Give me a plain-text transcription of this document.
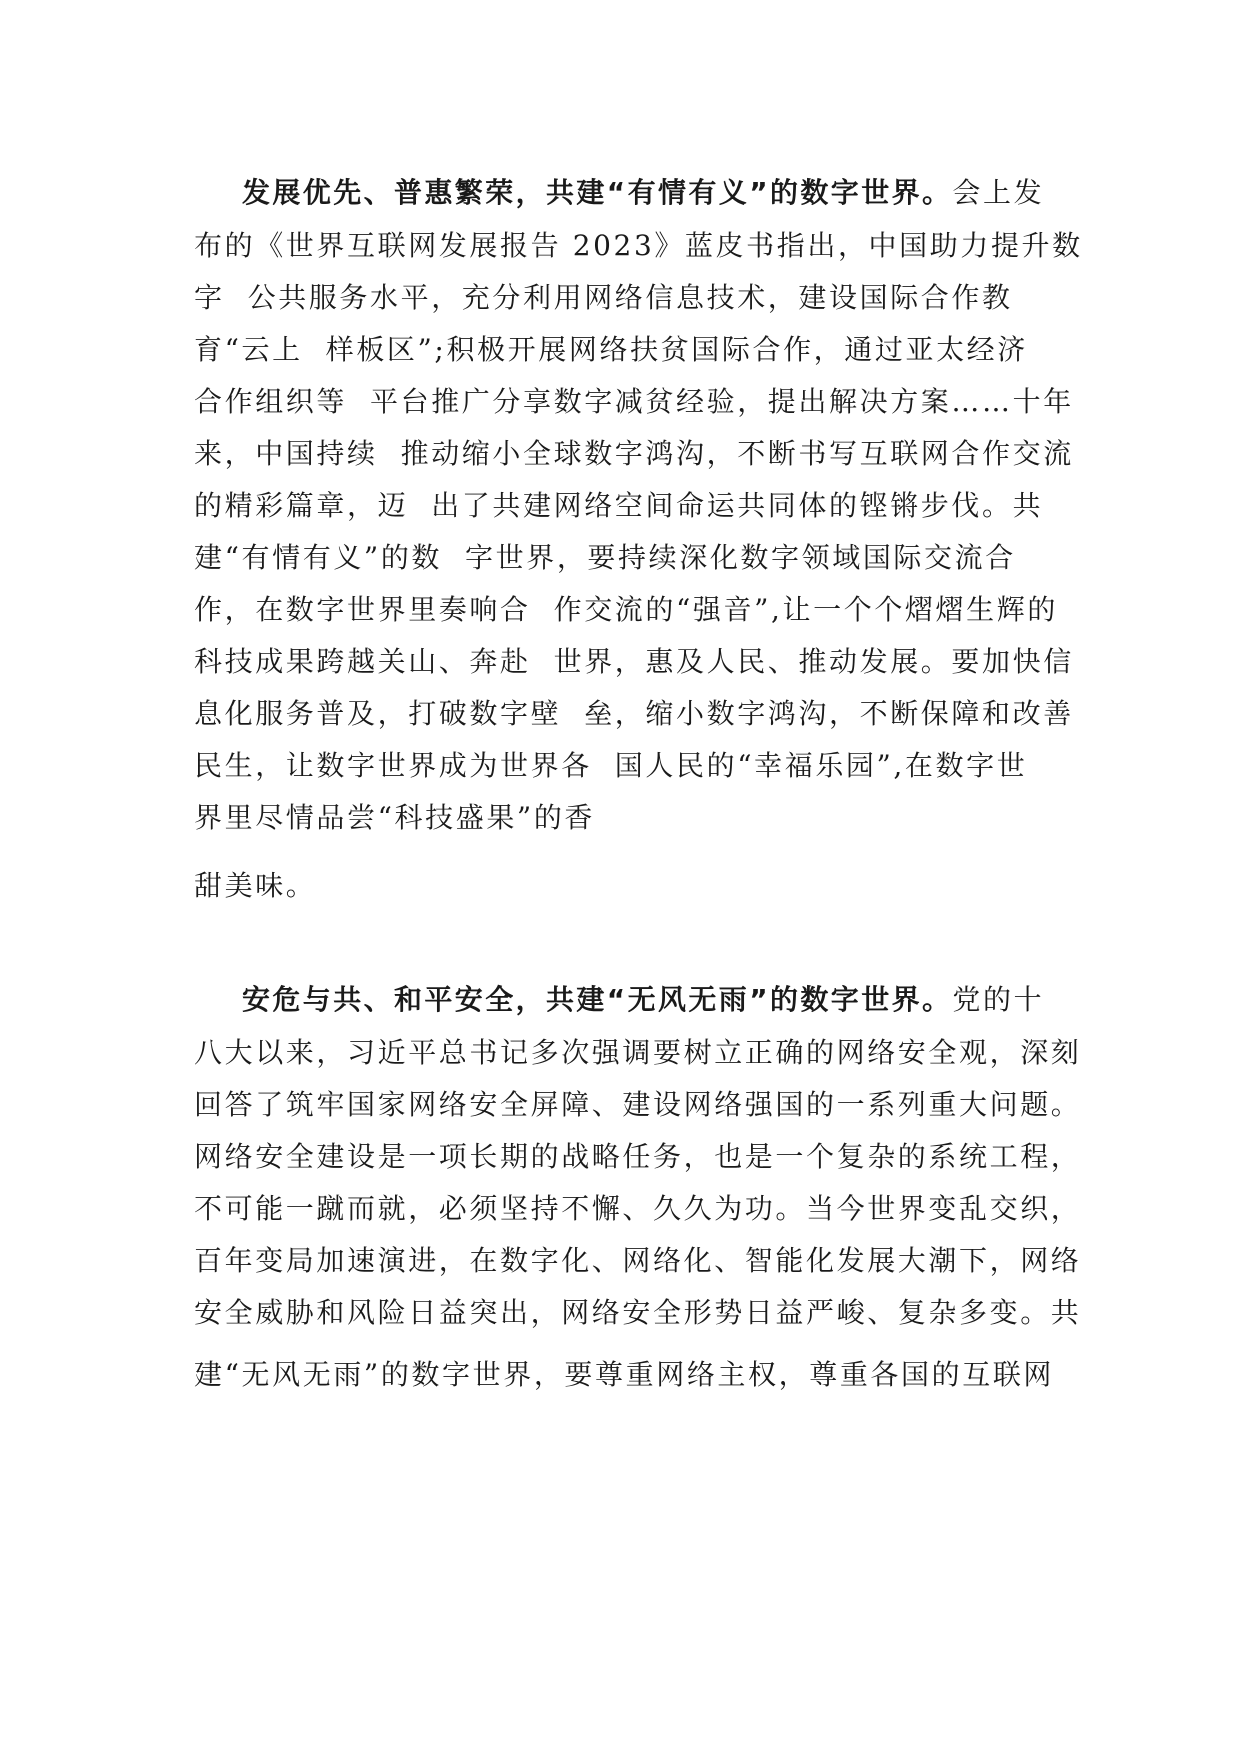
发展优先、普惠繁荣，共建“有情有义”的数字世界。会上发
布的《世界互联网发展报告 2023》蓝皮书指出，中国助力提升数
字  公共服务水平，充分利用网络信息技术，建设国际合作教
育“云上  样板区”;积极开展网络扶贫国际合作，通过亚太经济
合作组织等  平台推广分享数字减贫经验，提出解决方案……十年
来，中国持续  推动缩小全球数字鸿沟，不断书写互联网合作交流
的精彩篇章，迈  出了共建网络空间命运共同体的铿锵步伐。共
建“有情有义”的数  字世界，要持续深化数字领域国际交流合
作，在数字世界里奏响合  作交流的“强音”,让一个个熠熠生辉的
科技成果跨越关山、奔赴  世界，惠及人民、推动发展。要加快信
息化服务普及，打破数字壁  垒，缩小数字鸿沟，不断保障和改善
民生，让数字世界成为世界各  国人民的“幸福乐园”,在数字世
界里尽情品尝“科技盛果”的香
甜美味。
安危与共、和平安全，共建“无风无雨”的数字世界。党的十
八大以来，习近平总书记多次强调要树立正确的网络安全观，深刻
回答了筑牢国家网络安全屏障、建设网络强国的一系列重大问题。
网络安全建设是一项长期的战略任务，也是一个复杂的系统工程，
不可能一蹴而就，必须坚持不懈、久久为功。当今世界变乱交织，
百年变局加速演进，在数字化、网络化、智能化发展大潮下，网络
安全威胁和风险日益突出，网络安全形势日益严峻、复杂多变。共
建“无风无雨”的数字世界，要尊重网络主权，尊重各国的互联网
